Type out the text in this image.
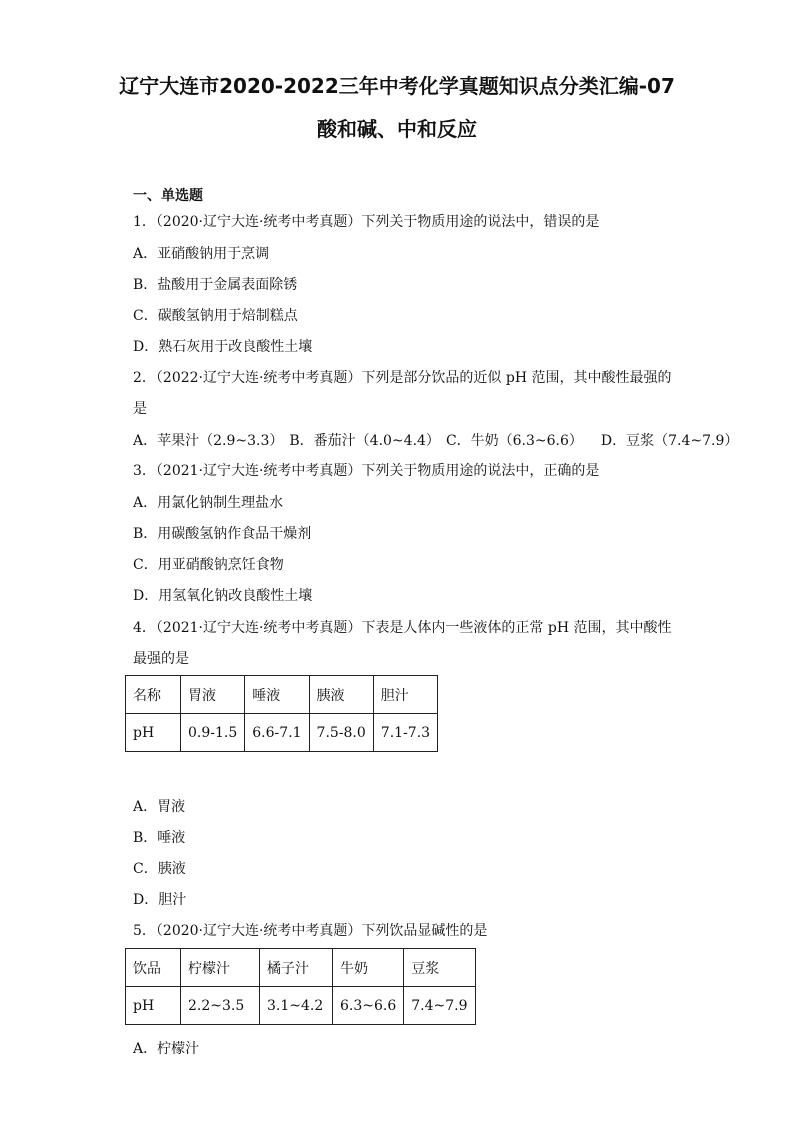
辽宁大连市2020-2022三年中考化学真题知识点分类汇编-07
酸和碱、中和反应
一、单选题
1．（2020·辽宁大连·统考中考真题）下列关于物质用途的说法中，错误的是
A．亚硝酸钠用于烹调
B．盐酸用于金属表面除锈
C．碳酸氢钠用于焙制糕点
D．熟石灰用于改良酸性土壤
2．（2022·辽宁大连·统考中考真题）下列是部分饮品的近似 pH 范围，其中酸性最强的
是
A．苹果汁（2.9~3.3） B．番茄汁（4.0~4.4） C．牛奶（6.3~6.6） D．豆浆（7.4~7.9）
3．（2021·辽宁大连·统考中考真题）下列关于物质用途的说法中，正确的是
A．用氯化钠制生理盐水
B．用碳酸氢钠作食品干燥剂
C．用亚硝酸钠烹饪食物
D．用氢氧化钠改良酸性土壤
4．（2021·辽宁大连·统考中考真题）下表是人体内一些液体的正常 pH 范围，其中酸性
最强的是
名称	胃液	唾液	胰液	胆汁
pH	0.9-1.5	6.6-7.1	7.5-8.0	7.1-7.3
A．胃液
B．唾液
C．胰液
D．胆汁
5．（2020·辽宁大连·统考中考真题）下列饮品显碱性的是
饮品	柠檬汁	橘子汁	牛奶	豆浆
pH	2.2~3.5	3.1~4.2	6.3~6.6	7.4~7.9
A．柠檬汁
